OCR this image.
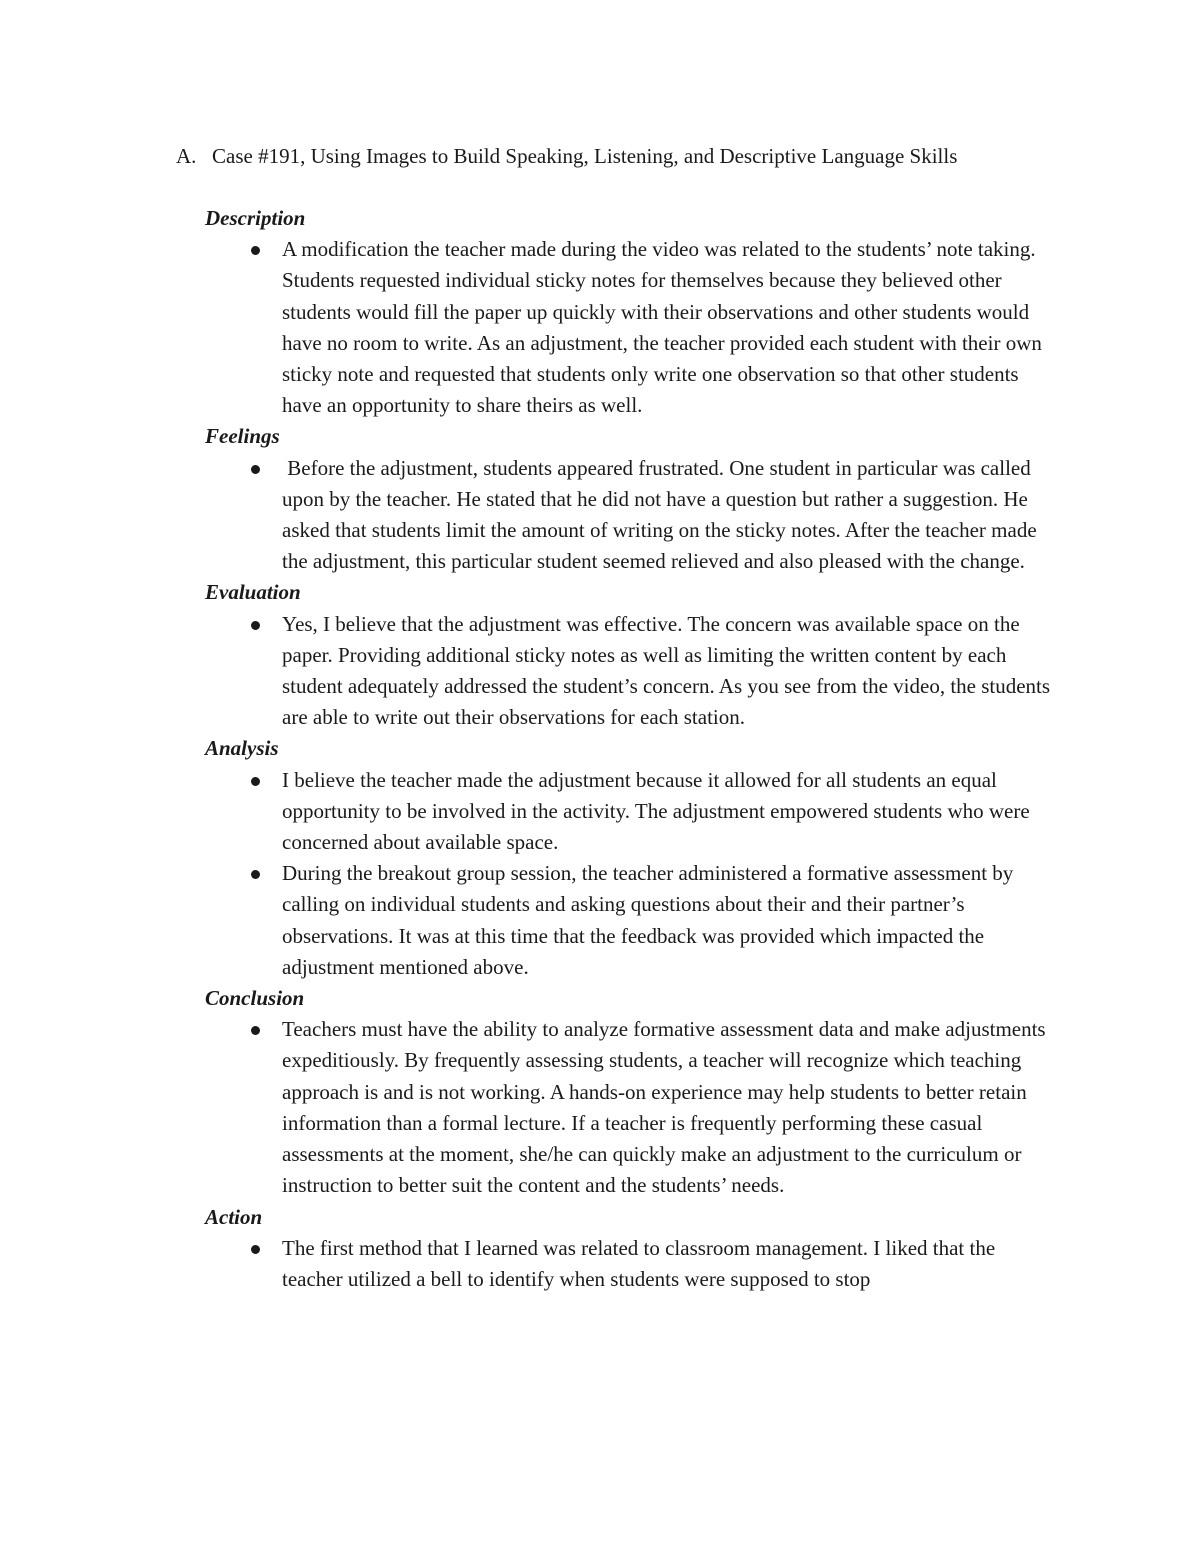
A. Case #191, Using Images to Build Speaking, Listening, and Descriptive Language Skills

Description

A modification the teacher made during the video was related to the students’ note taking. Students requested individual sticky notes for themselves because they believed other students would fill the paper up quickly with their observations and other students would have no room to write. As an adjustment, the teacher provided each student with their own sticky note and requested that students only write one observation so that other students have an opportunity to share theirs as well.

Feelings

Before the adjustment, students appeared frustrated. One student in particular was called upon by the teacher. He stated that he did not have a question but rather a suggestion. He asked that students limit the amount of writing on the sticky notes. After the teacher made the adjustment, this particular student seemed relieved and also pleased with the change.

Evaluation

Yes, I believe that the adjustment was effective. The concern was available space on the paper. Providing additional sticky notes as well as limiting the written content by each student adequately addressed the student’s concern. As you see from the video, the students are able to write out their observations for each station.

Analysis

I believe the teacher made the adjustment because it allowed for all students an equal opportunity to be involved in the activity. The adjustment empowered students who were concerned about available space.
During the breakout group session, the teacher administered a formative assessment by calling on individual students and asking questions about their and their partner’s observations. It was at this time that the feedback was provided which impacted the adjustment mentioned above.

Conclusion

Teachers must have the ability to analyze formative assessment data and make adjustments expeditiously. By frequently assessing students, a teacher will recognize which teaching approach is and is not working. A hands-on experience may help students to better retain information than a formal lecture. If a teacher is frequently performing these casual assessments at the moment, she/he can quickly make an adjustment to the curriculum or instruction to better suit the content and the students’ needs.

Action

The first method that I learned was related to classroom management. I liked that the teacher utilized a bell to identify when students were supposed to stop
